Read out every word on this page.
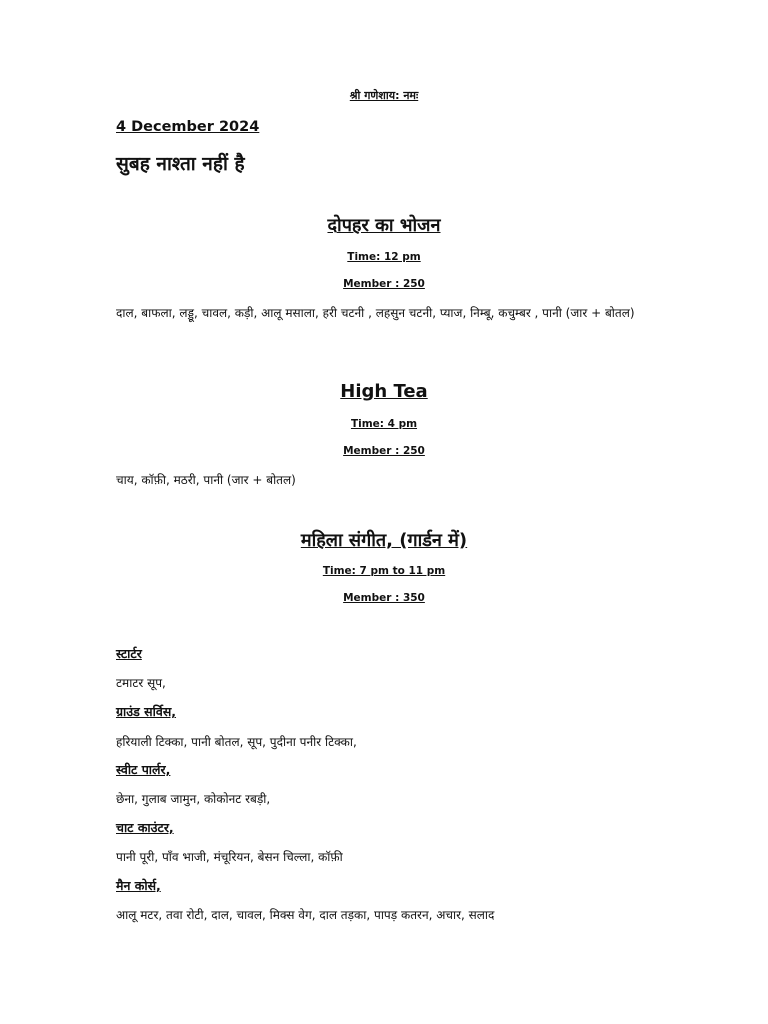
श्री गणेशाय: नमः
4 December 2024
सुबह नाश्ता नहीं है
दोपहर का भोजन
Time: 12 pm
Member : 250
दाल, बाफला, लड्डू, चावल, कड़ी, आलू मसाला, हरी चटनी , लहसुन चटनी, प्याज, निम्बू, कचुम्बर , पानी (जार + बोतल)
High Tea
Time: 4 pm
Member : 250
चाय, कॉफ़ी, मठरी, पानी (जार + बोतल)
महिला संगीत, (गार्डन में)
Time: 7 pm to 11 pm
Member : 350
स्टार्टर
टमाटर सूप,
ग्राउंड सर्विस,
हरियाली टिक्का, पानी बोतल, सूप, पुदीना पनीर टिक्का,
स्वीट पार्लर,
छेना, गुलाब जामुन, कोकोनट रबड़ी,
चाट काउंटर,
पानी पूरी, पाँव भाजी, मंचूरियन, बेसन चिल्ला, कॉफ़ी
मैन कोर्स,
आलू मटर, तवा रोटी, दाल, चावल, मिक्स वेग, दाल तड़का, पापड़ कतरन, अचार, सलाद
